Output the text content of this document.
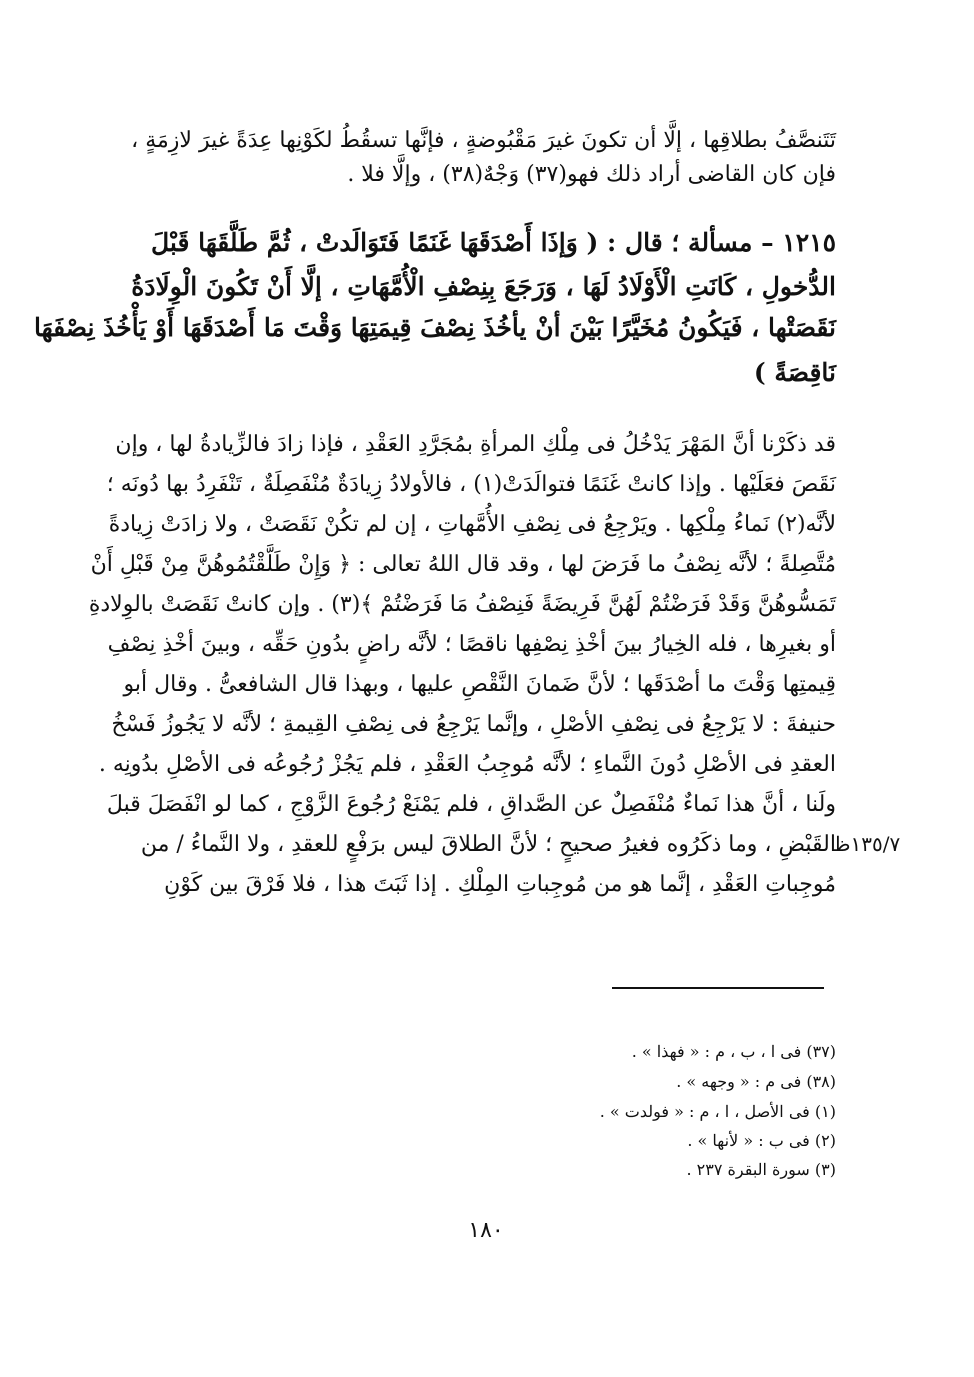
تَتَنصَّفُ بطلاقِها ، إلَّا أن تكونَ غيرَ مَقْبُوضةٍ ، فإنَّها تسقُطُ لكَوْنِها عِدَةً غيرَ لازِمَةٍ ،
فإن كان القاضى أراد ذلك فهو(٣٧) وَجْهٌ(٣٨) ، وإلَّا فلا .
١٢١٥ – مسألة ؛ قال : ( وَإذَا أَصْدَقَهَا غَنَمًا فَتَوَالَدتْ ، ثُمَّ طَلَّقَهَا قَبْلَ
الدُّخولِ ، كَانَتِ الْأَوْلَادُ لَهَا ، وَرَجَعَ بِنِصْفِ الْأُمَّهَاتِ ، إلَّا أَنْ تَكُونَ الْوِلَادَةُ
نَقَصَتْها ، فَيَكُونُ مُخَيَّرًا بَيْنَ أنْ يأخُذَ نِصْفَ قِيمَتِهَا وَقْتَ مَا أَصْدَقَهَا أَوْ يَأْخُذَ نِصْفَهَا
نَاقِصَةً )
قد ذكَرْنا أنَّ المَهْرَ يَدْخُلُ فى مِلْكِ المرأةِ بمُجَرَّدِ العَقْدِ ، فإذا زادَ فالزِّيادةُ لها ، وإن
نَقَصَ فعَلَيْها . وإذا كانتْ غَنَمًا فتوالَدَتْ(١) ، فالأولادُ زِيادَةٌ مُنْفَصِلَةٌ ، تَنْفَرِدُ بها دُونَه ؛
لأنَّه(٢) نَماءُ مِلْكِها . ويَرْجِعُ فى نِصْفِ الأُمَّهاتِ ، إن لم تكُنْ نَقَصَتْ ، ولا زادَتْ زِيادةً
مُتَّصِلةً ؛ لأنَّه نِصْفُ ما فَرَضَ لها ، وقد قال اللهُ تعالى : ﴿ وَإِنْ طَلَّقْتُمُوهُنَّ مِنْ قَبْلِ أَنْ
تَمَسُّوهُنَّ وَقَدْ فَرَضْتُمْ لَهُنَّ فَرِيضَةً فَنِصْفُ مَا فَرَضْتُمْ ﴾(٣) . وإن كانتْ نَقَصَتْ بالوِلادةِ
أو بغيرِها ، فله الخِيارُ بينَ أخْذِ نِصْفِها ناقصًا ؛ لأنَّه راضٍ بدُونِ حَقِّه ، وبينَ أخْذِ نِصْفِ
قِيمتِها وَقْتَ ما أصْدَقَها ؛ لأنَّ ضَمانَ النَّقْصِ عليها ، وبهذا قال الشافعىُّ . وقال أبو
حنيفةَ : لا يَرْجِعُ فى نِصْفِ الأصْلِ ، وإنَّما يَرْجِعُ فى نِصْفِ القِيمةِ ؛ لأنَّه لا يَجُوزُ فَسْخُ
العقدِ فى الأصْلِ دُونَ النَّماءِ ؛ لأنَّه مُوجِبُ العَقْدِ ، فلم يَجُزْ رُجُوعُه فى الأصْلِ بدُونِه .
ولَنا ، أنَّ هذا نَماءٌ مُنْفَصِلٌ عن الصَّداقِ ، فلم يَمْنَعْ رُجُوعَ الزَّوْجِ ، كما لو انْفَصَلَ قبلَ
القَبْضِ ، وما ذكَرُوه فغيرُ صحيحٍ ؛ لأنَّ الطلاقَ ليس برَفْعٍ للعقدِ ، ولا النَّماءُ / من
مُوجِباتِ العَقْدِ ، إنَّما هو من مُوجِباتِ المِلْكِ . إذا ثَبَتَ هذا ، فلا فَرْقَ بين كَوْنِ
١٣٥/٧ظ
(٣٧) فى ا ، ب ، م : « فهذا » .
(٣٨) فى م : « وجهه » .
(١) فى الأصل ، ا ، م : « فولدت » .
(٢) فى ب : « لأنها » .
(٣) سورة البقرة ٢٣٧ .
١٨٠
